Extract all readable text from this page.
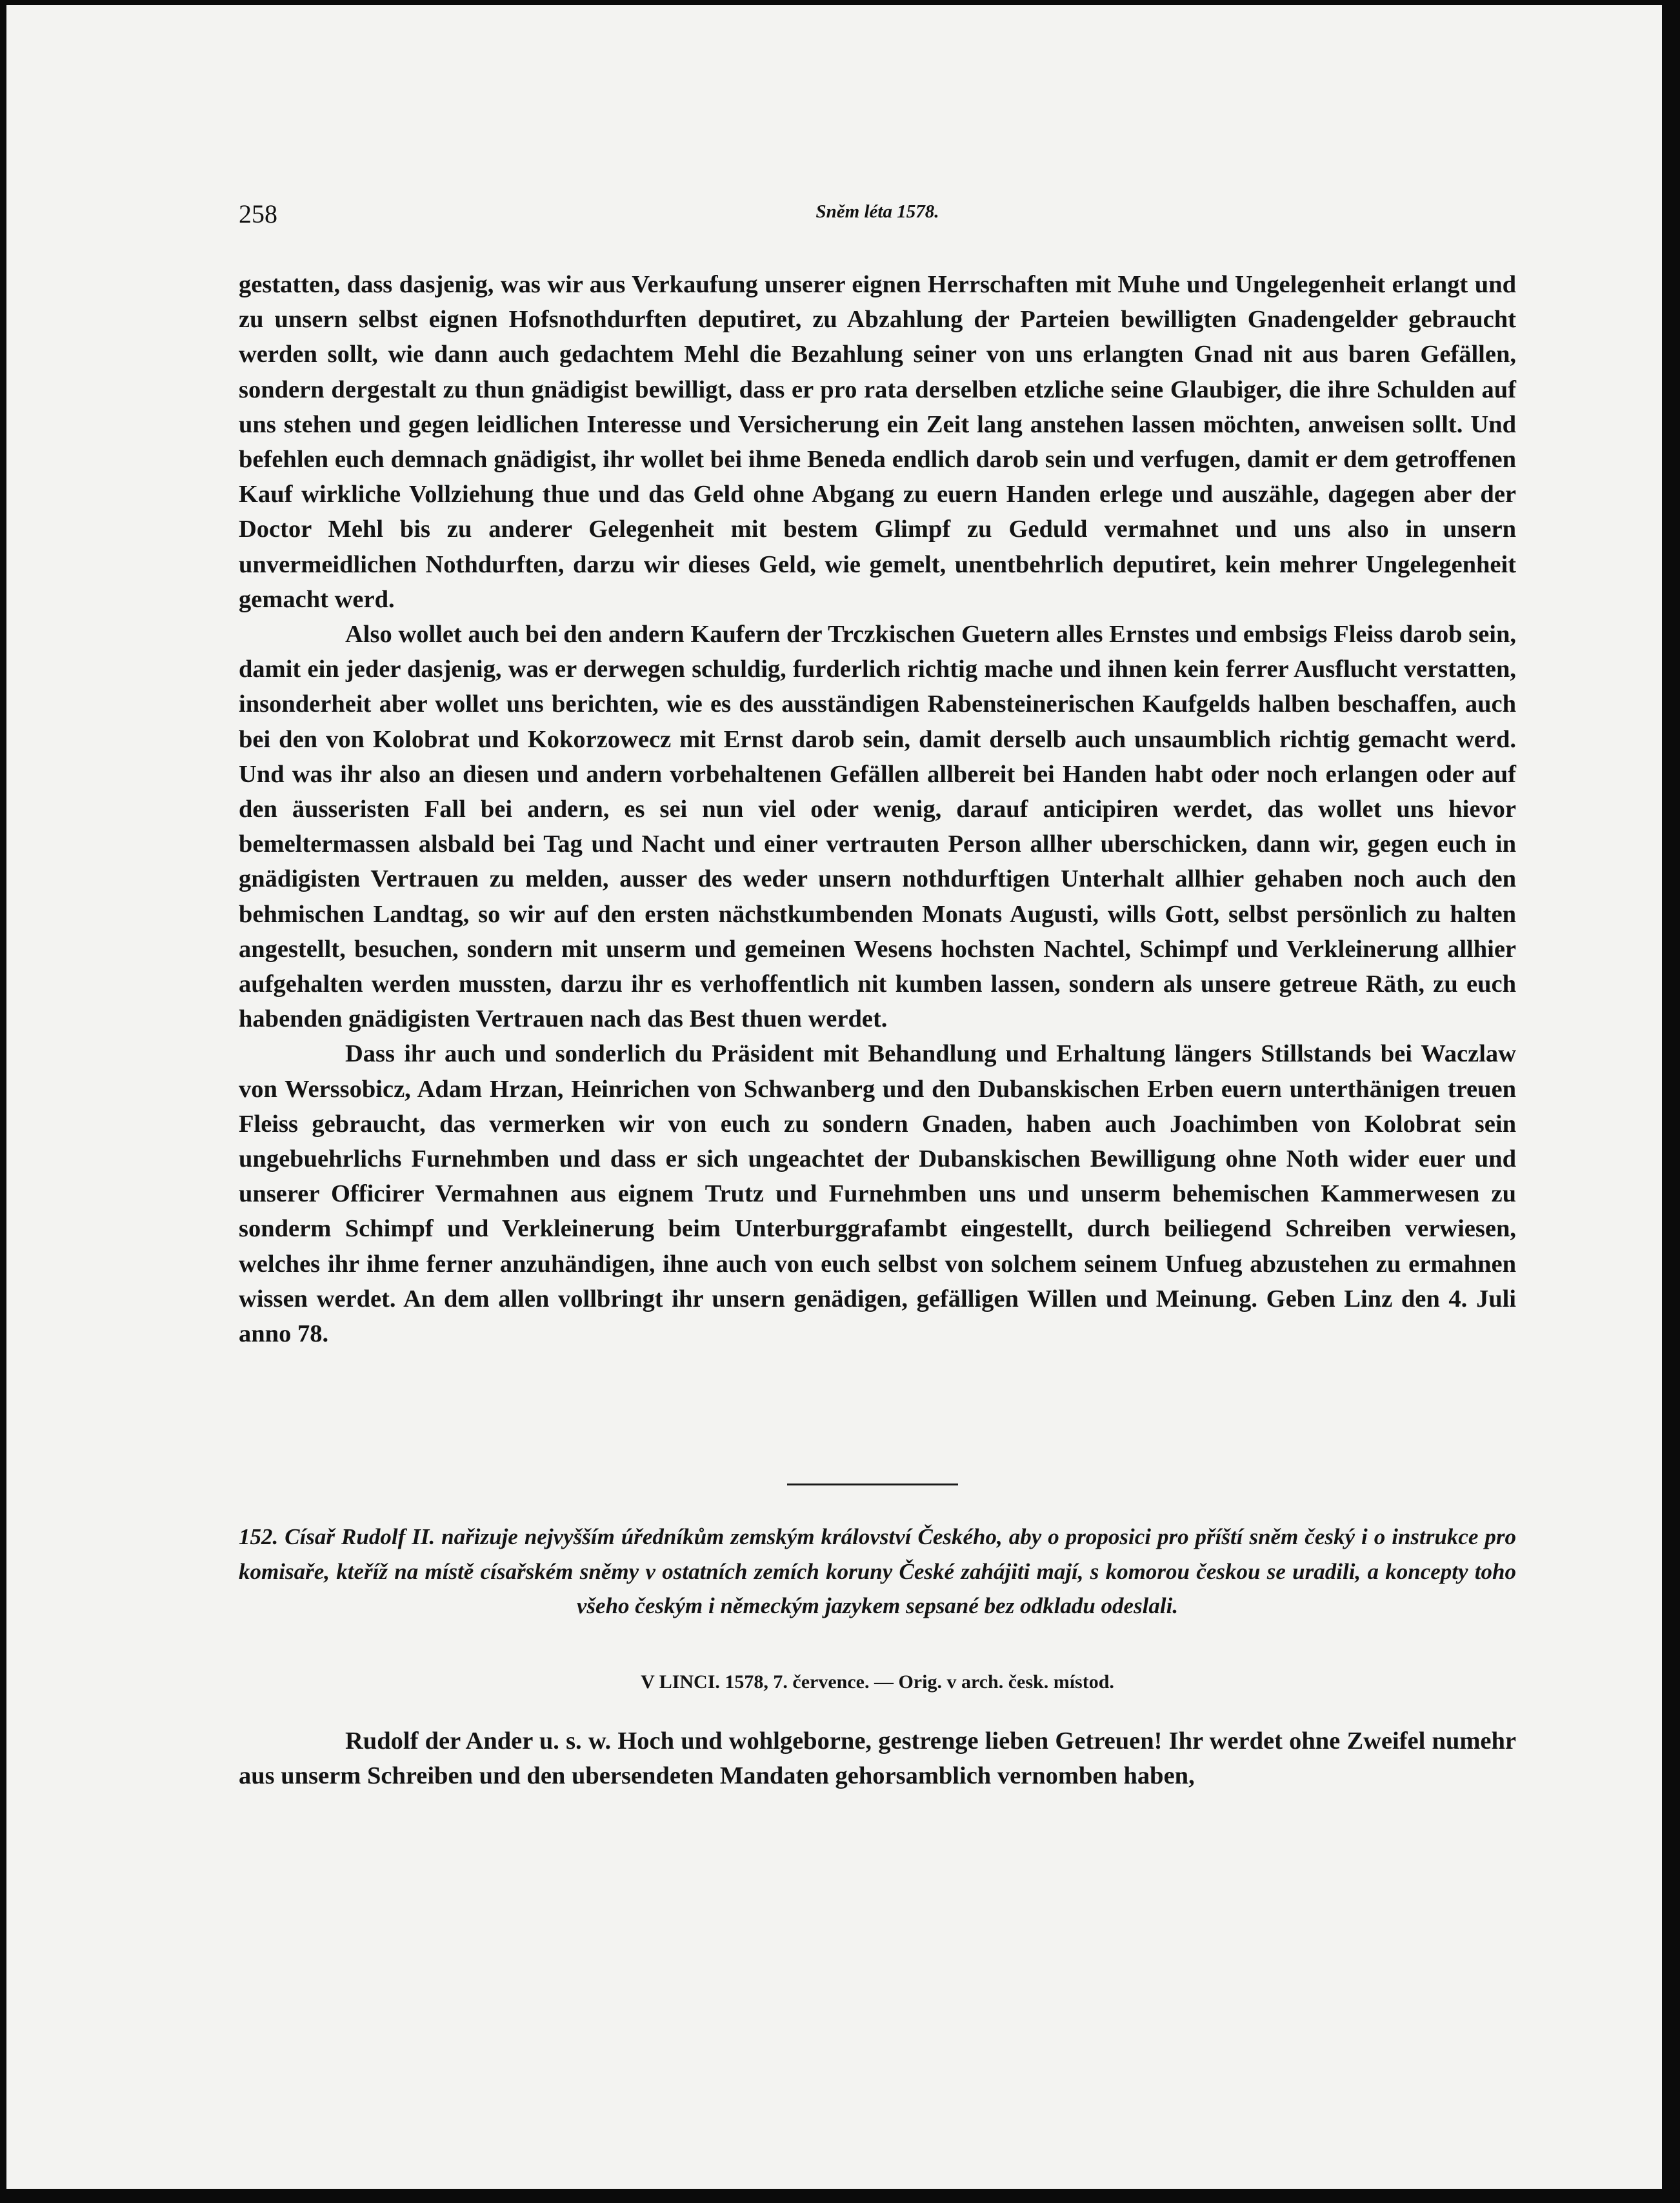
258	Sněm léta 1578.

gestatten, dass dasjenig, was wir aus Verkaufung unserer eignen Herrschaften mit Muhe und Ungelegenheit erlangt und zu unsern selbst eignen Hofsnothdurften deputiret, zu Abzahlung der Parteien bewilligten Gnadengelder gebraucht werden sollt, wie dann auch gedachtem Mehl die Bezahlung seiner von uns erlangten Gnad nit aus baren Gefällen, sondern dergestalt zu thun gnädigist bewilligt, dass er pro rata derselben etzliche seine Glaubiger, die ihre Schulden auf uns stehen und gegen leidlichen Interesse und Versicherung ein Zeit lang anstehen lassen möchten, anweisen sollt. Und befehlen euch demnach gnädigist, ihr wollet bei ihme Beneda endlich darob sein und verfugen, damit er dem getroffenen Kauf wirkliche Vollziehung thue und das Geld ohne Abgang zu euern Handen erlege und auszähle, dagegen aber der Doctor Mehl bis zu anderer Gelegenheit mit bestem Glimpf zu Geduld vermahnet und uns also in unsern unvermeidlichen Nothdurften, darzu wir dieses Geld, wie gemelt, unentbehrlich deputiret, kein mehrer Ungelegenheit gemacht werd.

Also wollet auch bei den andern Kaufern der Trczkischen Guetern alles Ernstes und embsigs Fleiss darob sein, damit ein jeder dasjenig, was er derwegen schuldig, furderlich richtig mache und ihnen kein ferrer Ausflucht verstatten, insonderheit aber wollet uns berichten, wie es des ausständigen Rabensteinerischen Kaufgelds halben beschaffen, auch bei den von Kolobrat und Kokorzowecz mit Ernst darob sein, damit derselb auch unsaumblich richtig gemacht werd. Und was ihr also an diesen und andern vorbehaltenen Gefällen allbereit bei Handen habt oder noch erlangen oder auf den äusseristen Fall bei andern, es sei nun viel oder wenig, darauf anticipiren werdet, das wollet uns hievor bemeltermassen alsbald bei Tag und Nacht und einer vertrauten Person allher uberschicken, dann wir, gegen euch in gnädigisten Vertrauen zu melden, ausser des weder unsern nothdurftigen Unterhalt allhier gehaben noch auch den behmischen Landtag, so wir auf den ersten nächstkumbenden Monats Augusti, wills Gott, selbst persönlich zu halten angestellt, besuchen, sondern mit unserm und gemeinen Wesens hochsten Nachtel, Schimpf und Verkleinerung allhier aufgehalten werden mussten, darzu ihr es verhoffentlich nit kumben lassen, sondern als unsere getreue Räth, zu euch habenden gnädigisten Vertrauen nach das Best thuen werdet.

Dass ihr auch und sonderlich du Präsident mit Behandlung und Erhaltung längers Stillstands bei Waczlaw von Werssobicz, Adam Hrzan, Heinrichen von Schwanberg und den Dubanskischen Erben euern unterthänigen treuen Fleiss gebraucht, das vermerken wir von euch zu sondern Gnaden, haben auch Joachimben von Kolobrat sein ungebuehrlichs Furnehmben und dass er sich ungeachtet der Dubanskischen Bewilligung ohne Noth wider euer und unserer Officirer Vermahnen aus eignem Trutz und Furnehmben uns und unserm behemischen Kammerwesen zu sonderm Schimpf und Verkleinerung beim Unterburggrafambt eingestellt, durch beiliegend Schreiben verwiesen, welches ihr ihme ferner anzuhändigen, ihne auch von euch selbst von solchem seinem Unfueg abzustehen zu ermahnen wissen werdet. An dem allen vollbringt ihr unsern genädigen, gefälligen Willen und Meinung. Geben Linz den 4. Juli anno 78.

152. Císař Rudolf II. nařizuje nejvyšším úředníkům zemským království Českého, aby o proposici pro příští sněm český i o instrukce pro komisaře, kteříž na místě císařském sněmy v ostatních zemích koruny České zahájiti mají, s komorou českou se uradili, a koncepty toho všeho českým i německým jazykem sepsané bez odkladu odeslali.

V LINCI. 1578, 7. července. — Orig. v arch. česk. místod.

Rudolf der Ander u. s. w. Hoch und wohlgeborne, gestrenge lieben Getreuen! Ihr werdet ohne Zweifel numehr aus unserm Schreiben und den ubersendeten Mandaten gehorsamblich vernomben haben,
